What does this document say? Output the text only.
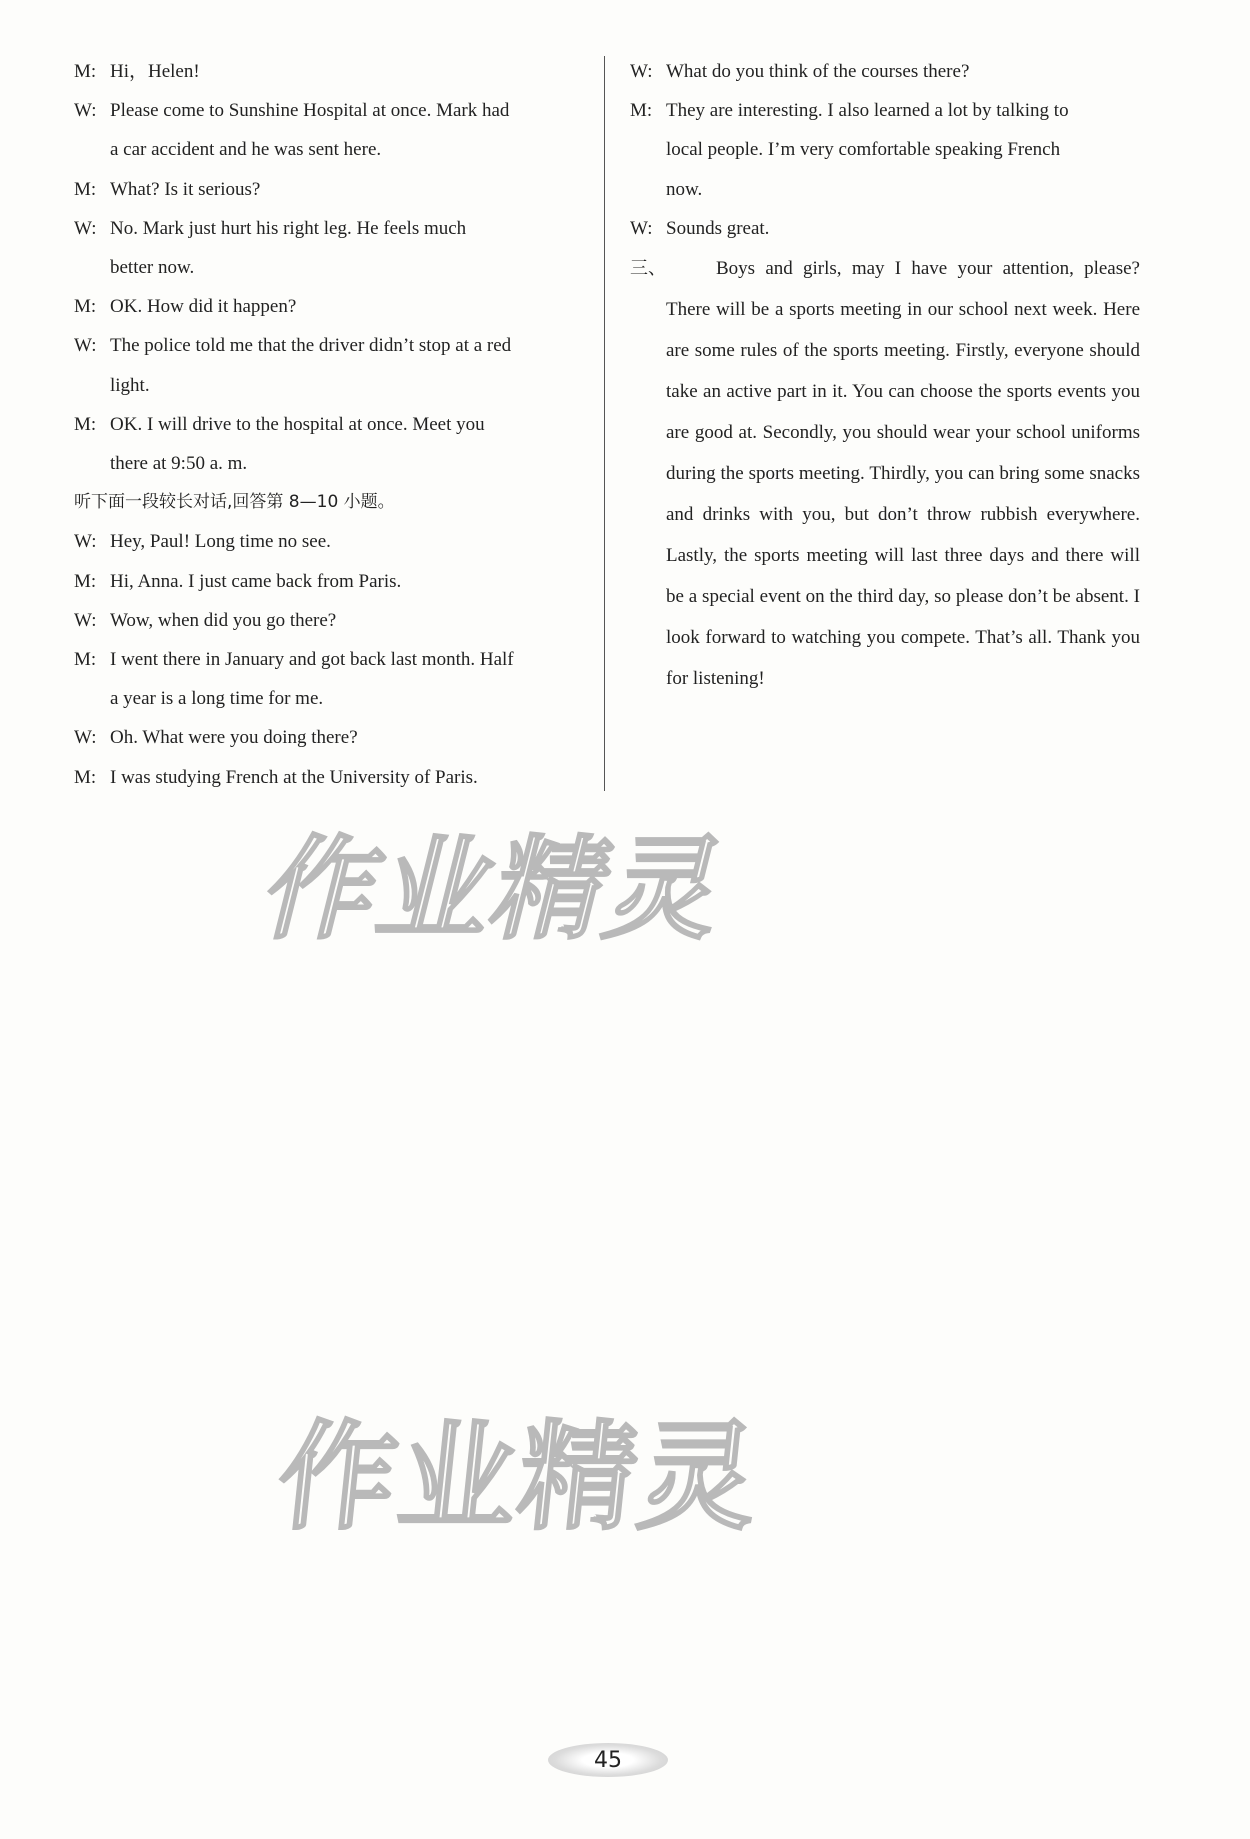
M: Hi，Helen!
W: Please come to Sunshine Hospital at once. Mark had
a car accident and he was sent here.
M: What? Is it serious?
W: No. Mark just hurt his right leg. He feels much
better now.
M: OK. How did it happen?
W: The police told me that the driver didn’t stop at a red
light.
M: OK. I will drive to the hospital at once. Meet you
there at 9:50 a. m.
听下面一段较长对话,回答第 8—10 小题。
W: Hey, Paul! Long time no see.
M: Hi, Anna. I just came back from Paris.
W: Wow, when did you go there?
M: I went there in January and got back last month. Half
a year is a long time for me.
W: Oh. What were you doing there?
M: I was studying French at the University of Paris.
W: What do you think of the courses there?
M: They are interesting. I also learned a lot by talking to
local people. I’m very comfortable speaking French
now.
W: Sounds great.
三、	Boys and girls, may I have your attention, please? There will be a sports meeting in our school next week. Here are some rules of the sports meeting. Firstly, everyone should take an active part in it. You can choose the sports events you are good at. Secondly, you should wear your school uniforms during the sports meeting. Thirdly, you can bring some snacks and drinks with you, but don’t throw rubbish everywhere. Lastly, the sports meeting will last three days and there will be a special event on the third day, so please don’t be absent. I look forward to watching you compete. That’s all. Thank you for listening!
作业精灵
作业精灵
45
